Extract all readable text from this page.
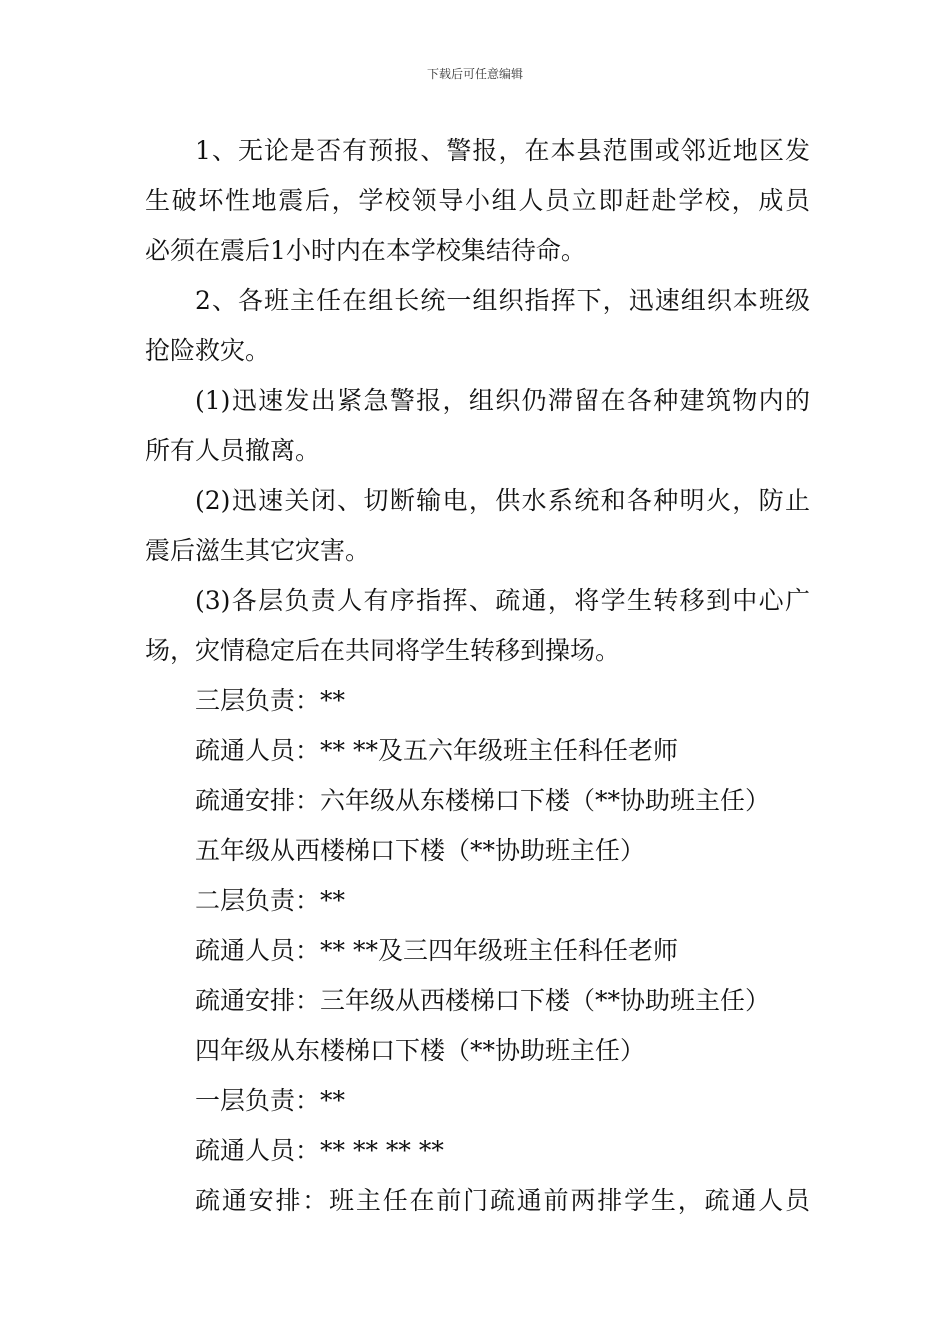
下载后可任意编辑
1、无论是否有预报、警报，在本县范围或邻近地区发
生破坏性地震后，学校领导小组人员立即赶赴学校，成员
必须在震后1小时内在本学校集结待命。
2、各班主任在组长统一组织指挥下，迅速组织本班级
抢险救灾。
(1)迅速发出紧急警报，组织仍滞留在各种建筑物内的
所有人员撤离。
(2)迅速关闭、切断输电，供水系统和各种明火，防止
震后滋生其它灾害。
(3)各层负责人有序指挥、疏通，将学生转移到中心广
场，灾情稳定后在共同将学生转移到操场。
三层负责：**
疏通人员：** **及五六年级班主任科任老师
疏通安排：六年级从东楼梯口下楼（**协助班主任）
五年级从西楼梯口下楼（**协助班主任）
二层负责：**
疏通人员：** **及三四年级班主任科任老师
疏通安排：三年级从西楼梯口下楼（**协助班主任）
四年级从东楼梯口下楼（**协助班主任）
一层负责：**
疏通人员：** ** ** **
疏通安排：班主任在前门疏通前两排学生，疏通人员
